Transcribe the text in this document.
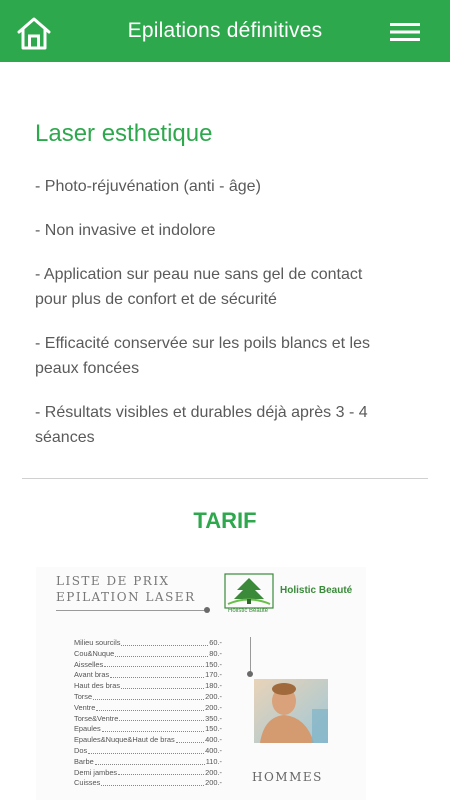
Epilations définitives
Laser esthetique

- Photo-réjuvénation (anti - âge)

- Non invasive et indolore

- Application sur peau nue sans gel de contact pour plus de confort et de sécurité

- Efficacité conservée sur les poils blancs et les peaux foncées

- Résultats visibles et durables déjà après 3 - 4 séances

TARIF
LISTE DE PRIX
EPILATION LASER	Holistic Beauté
Holistic Beauté
Milieu sourcils	60.-
Cou&Nuque	80.-
Aisselles	150.-
Avant bras	170.-
Haut des bras	180.-
Torse	200.-
Ventre	200.-
Torse&Ventre	350.-
Epaules	150.-
Epaules&Nuque&Haut de bras	400.-
Dos	400.-
Barbe	110.-
Demi jambes	200.-
Cuisses	200.-	HOMMES
